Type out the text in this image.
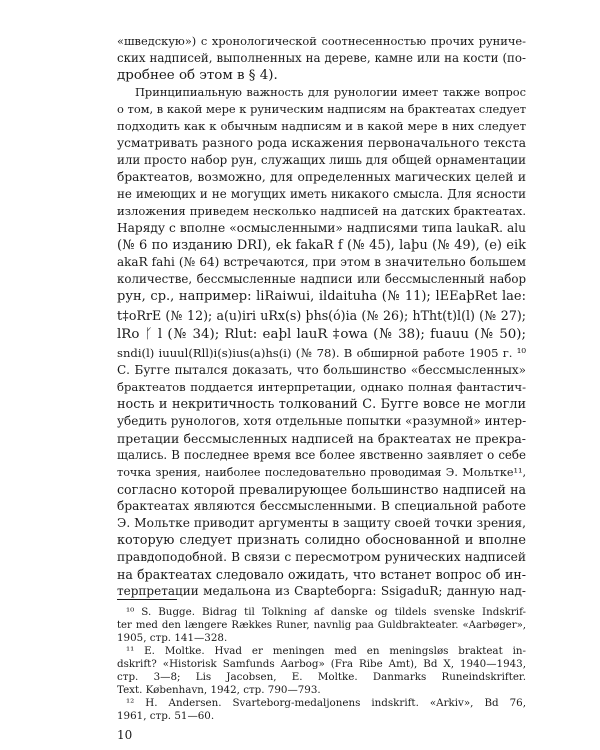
«шведскую») с хронологической соотнесенностью прочих руниче-
ских надписей, выполненных на дереве, камне или на кости (по-
дробнее об этом в § 4).
Принципиальную важность для рунологии имеет также вопрос
о том, в какой мере к руническим надписям на брактеатах следует
подходить как к обычным надписям и в какой мере в них следует
усматривать разного рода искажения первоначального текста
или просто набор рун, служащих лишь для общей орнаментации
брактеатов, возможно, для определенных магических целей и
не имеющих и не могущих иметь никакого смысла. Для ясности
изложения приведем несколько надписей на датских брактеатах.
Наряду с вполне «осмысленными» надписями типа laukaR. alu
(№ 6 по изданию DRI), ek fakaR f (№ 45), laþu (№ 49), (e) eik
akaR fahi (№ 64) встречаются, при этом в значительно большем
количестве, бессмысленные надписи или бессмысленный набор
рун, ср., например: liRaiwui, ildaituha (№ 11); lEEaþRet lae:
t‡oRrE (№ 12); a(u)iri uRx(s) þhs(ó)ia (№ 26); hTht(t)l(l) (№ 27);
lRo ᚴ l (№ 34); Rlut: eaþl lauR ‡owa (№ 38); fuauu (№ 50);
sndi(l) iuuul(Rll)i(s)ius(a)hs(i) (№ 78). В обширной работе 1905 г. ¹⁰
С. Бугге пытался доказать, что большинство «бессмысленных»
брактеатов поддается интерпретации, однако полная фантастич-
ность и некритичность толкований С. Бугге вовсе не могли
убедить рунологов, хотя отдельные попытки «разумной» интер-
претации бессмысленных надписей на брактеатах не прекра-
щались. В последнее время все более явственно заявляет о себе
точка зрения, наиболее последовательно проводимая Э. Мольтке¹¹,
согласно которой превалирующее большинство надписей на
брактеатах являются бессмысленными. В специальной работе
Э. Мольтке приводит аргументы в защиту своей точки зрения,
которую следует признать солидно обоснованной и вполне
правдоподобной. В связи с пересмотром рунических надписей
на брактеатах следовало ожидать, что встанет вопрос об ин-
терпретации медальона из Сварteборга: SsigaduR; данную над-
¹⁰ S. Bugge. Bidrag til Tolkning af danske og tildels svenske Indskrif-
ter med den længere Rækkes Runer, navnlig paa Guldbrakteater. «Aarbøger»,
1905, стр. 141—328.
¹¹ E. Moltke. Hvad er meningen med en meningsløs brakteat in-
dskrift? «Historisk Samfunds Aarbog» (Fra Ribe Amt), Bd X, 1940—1943,
стр. 3—8; Lis Jacobsen, E. Moltke. Danmarks Runeindskrifter.
Text. København, 1942, стр. 790—793.
¹² H. Andersen. Svarteborg-medaljonens indskrift. «Arkiv», Bd 76,
1961, стр. 51—60.
10
